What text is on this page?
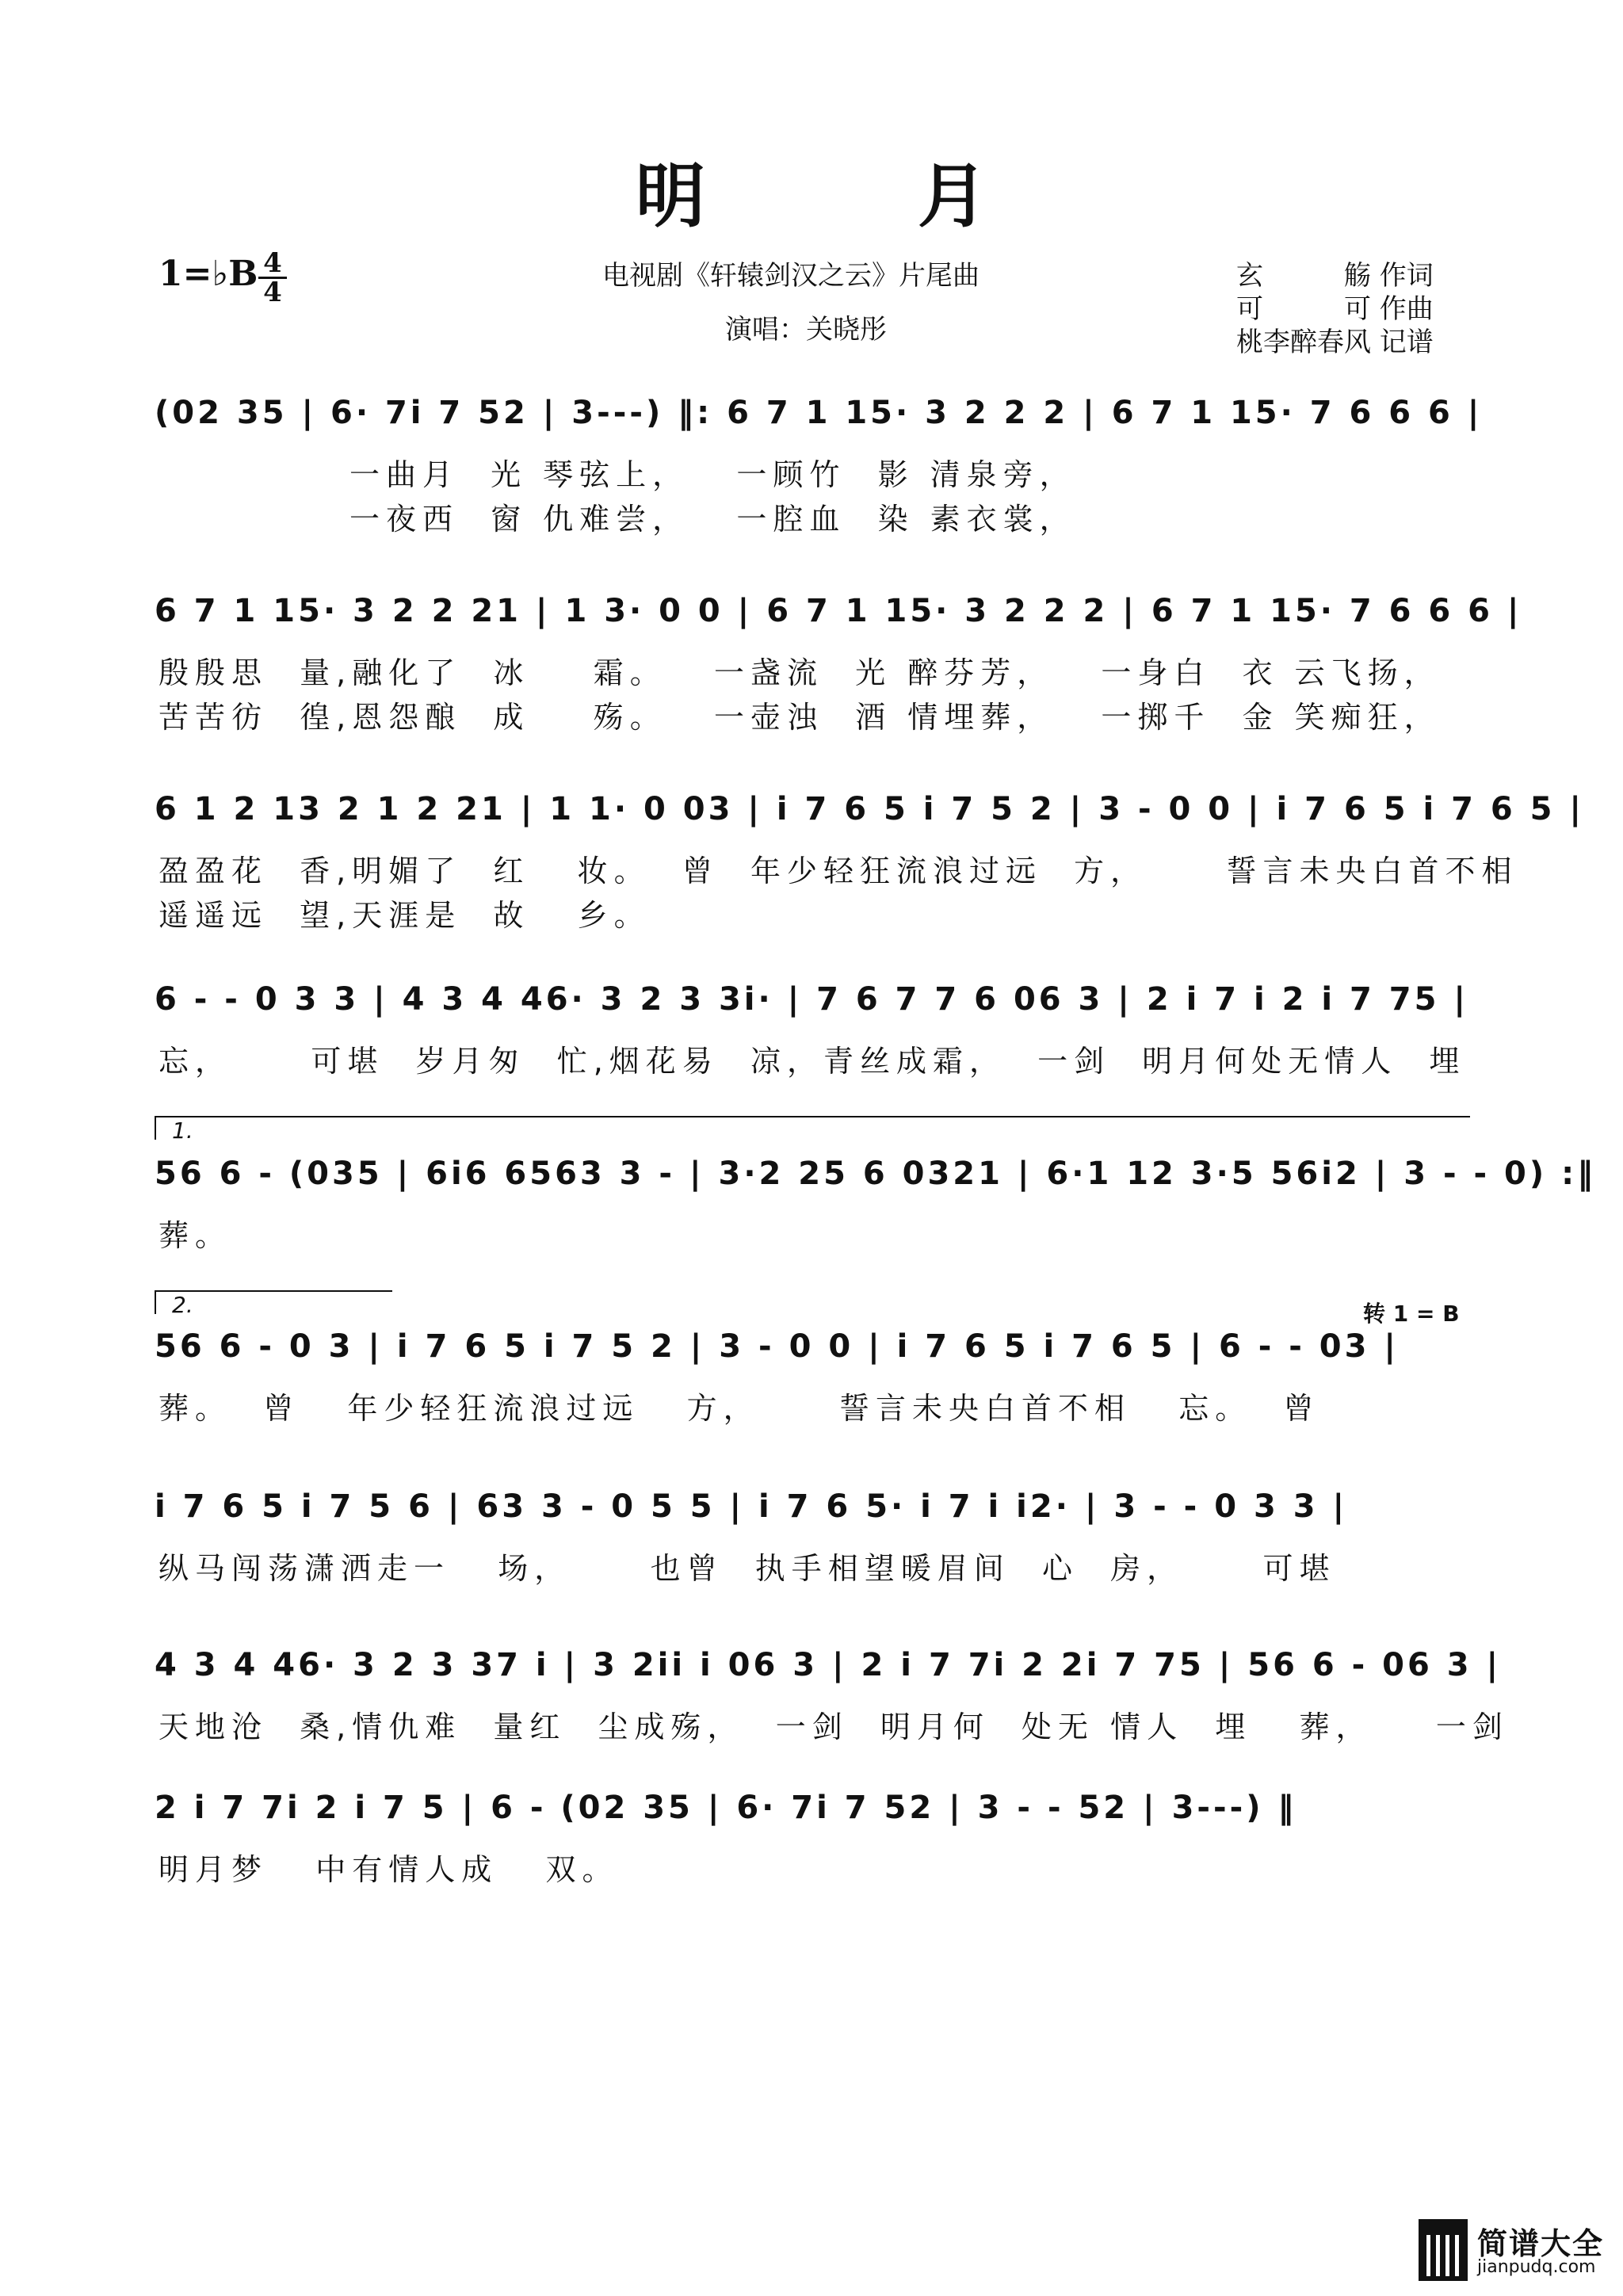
明　月
1=♭B 4
4
电视剧《轩辕剑汉之云》片尾曲
演唱：关晓彤
玄　　　觞 作词
可　　　可 作曲
桃李醉春风 记谱
(02 35 | 6· 7i 7 52 | 3---) ‖: 6 7 1 15· 3 2 2 2 | 6 7 1 15· 7 6 6 6 |
一曲月  光 琴弦上，   一顾竹  影 清泉旁，
一夜西  窗 仇难尝，   一腔血  染 素衣裳，
6 7 1 15· 3 2 2 21 | 1 3· 0 0 | 6 7 1 15· 3 2 2 2 | 6 7 1 15· 7 6 6 6 |
殷殷思  量,融化了  冰    霜。   一盏流  光 醉芬芳，   一身白  衣 云飞扬，
苦苦彷  徨,恩怨酿  成    殇。   一壶浊  酒 情埋葬，   一掷千  金 笑痴狂，
6 1 2 13 2 1 2 21 | 1 1· 0 03 | i 7 6 5 i 7 5 2 | 3 - 0 0 | i 7 6 5 i 7 6 5 |
盈盈花  香,明媚了  红   妆。  曾  年少轻狂流浪过远  方，     誓言未央白首不相
遥遥远  望,天涯是  故   乡。
6 - - 0 3 3 | 4 3 4 46· 3 2 3 3i· | 7 6 7 7 6 06 3 | 2 i 7 i 2 i 7 75 |
忘，     可堪  岁月匆  忙,烟花易  凉，青丝成霜，  一剑  明月何处无情人  埋
1.
56 6 - (035 | 6i6 6563 3 - | 3·2 25 6 0321 | 6·1 12 3·5 56i2 | 3 - - 0) :‖
葬。
2.	转 1 = B
56 6 - 0 3 | i 7 6 5 i 7 5 2 | 3 - 0 0 | i 7 6 5 i 7 6 5 | 6 - - 03 |
葬。  曾   年少轻狂流浪过远   方，     誓言未央白首不相   忘。  曾
i 7 6 5 i 7 5 6 | 63 3 - 0 5 5 | i 7 6 5· i 7 i i2· | 3 - - 0 3 3 |
纵马闯荡潇洒走一   场，     也曾  执手相望暖眉间  心  房，     可堪
4 3 4 46· 3 2 3 37 i | 3 2ii i 06 3 | 2 i 7 7i 2 2i 7 75 | 56 6 - 06 3 |
天地沧  桑,情仇难  量红  尘成殇，  一剑  明月何  处无 情人  埋   葬，    一剑
2 i 7 7i 2 i 7 5 | 6 - (02 35 | 6· 7i 7 52 | 3 - - 52 | 3---) ‖
明月梦   中有情人成   双。
简谱大全
jianpudq.com
